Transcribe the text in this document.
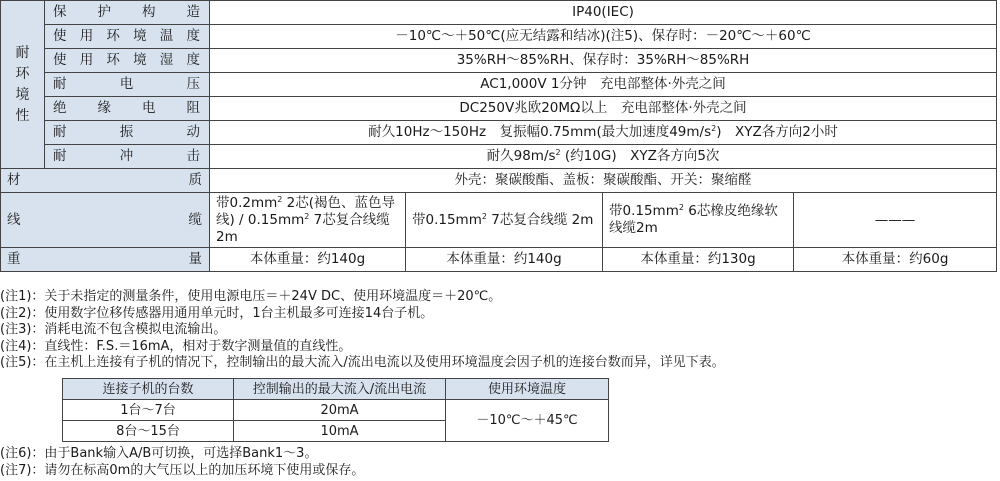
耐环境性	保护构造	IP40(IEC)			

	使用环境温度	－10℃～＋50℃(应无结露和结冰)(注5)、保存时：－20℃～＋60℃			

	使用环境湿度	35%RH～85%RH、保存时：35%RH～85%RH			

	耐电压	AC1,000V 1分钟　充电部整体·外壳之间			

	绝缘电阻	DC250V兆欧20MΩ以上　充电部整体·外壳之间			

	耐振动	耐久10Hz～150Hz　复振幅0.75mm(最大加速度$49m/s^2$)　XYZ各方向2小时			

	耐冲击	耐久$98m/s^2$ (约10G)　XYZ各方向5次			

材质		外壳：聚碳酸酯、盖板：聚碳酸酯、开关：聚缩醛			

线缆		带$0.2mm^2$ 2芯(褐色、蓝色导线) / $0.15mm^2$ 7芯复合线缆 2m	带$0.15mm^2$ 7芯复合线缆 2m	带$0.15mm^2$ 6芯橡皮绝缘软线缆2m	———

重量		本体重量：约140g	本体重量：约140g	本体重量：约130g	本体重量：约60g
(注1)：关于未指定的测量条件，使用电源电压＝＋24V DC、使用环境温度＝＋20℃。
(注2)：使用数字位移传感器用通用单元时，1台主机最多可连接14台子机。
(注3)：消耗电流不包含模拟电流输出。
(注4)：直线性：F.S.＝16mA，相对于数字测量值的直线性。
(注5)：在主机上连接有子机的情况下，控制输出的最大流入/流出电流以及使用环境温度会因子机的连接台数而异，详见下表。
连接子机的台数	控制输出的最大流入/流出电流	使用环境温度
1台～7台	20mA	－10℃～＋45℃
8台～15台	10mA	
(注6)：由于Bank输入A/B可切换，可选择Bank1～3。
(注7)：请勿在标高0m的大气压以上的加压环境下使用或保存。
